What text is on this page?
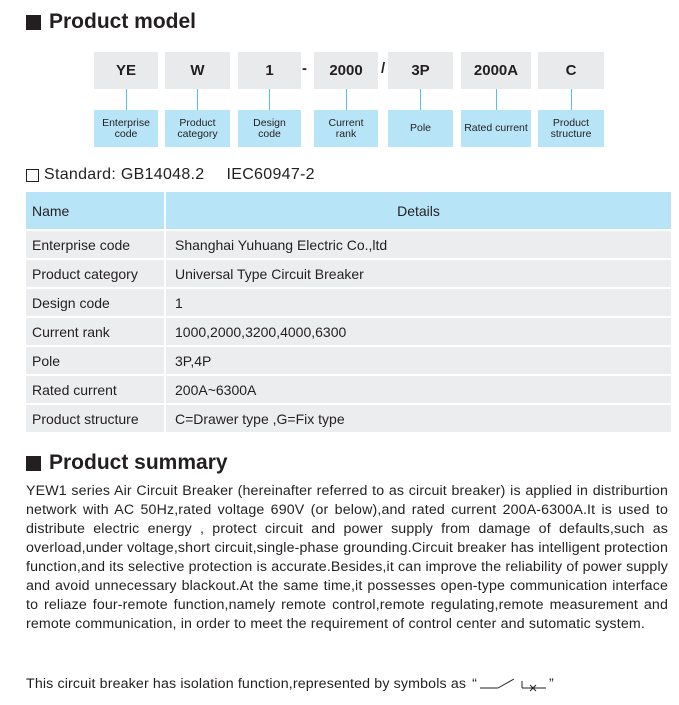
Product model
YE	W	1 - 2000 / 3P	2000A	C
Enterprise code
Product category
Design code
Current rank	Pole	Rated current	Product structure
Standard: GB14048.2 IEC60947-2
Name	Details
Enterprise code	Shanghai Yuhuang Electric Co.,ltd
Product category	Universal Type Circuit Breaker
Design code	1
Current rank	1000,2000,3200,4000,6300
Pole	3P,4P
Rated current	200A~6300A
Product structure	C=Drawer type ,G=Fix type
Product summary
YEW1 series Air Circuit Breaker (hereinafter referred to as circuit breaker) is applied in distriburtion network with AC 50Hz,rated voltage 690V (or below),and rated current 200A-6300A.It is used to distribute electric energy , protect circuit and power supply from damage of defaults,such as overload,under voltage,short circuit,single-phase grounding.Circuit breaker has intelligent protection function,and its selective protection is accurate.Besides,it can improve the reliability of power supply and avoid unnecessary blackout.At the same time,it possesses open-type communication interface to reliaze four-remote function,namely remote control,remote regulating,remote measurement and remote communication, in order to meet the requirement of control center and sutomatic system.
This circuit breaker has isolation function,represented by symbols as “	”
